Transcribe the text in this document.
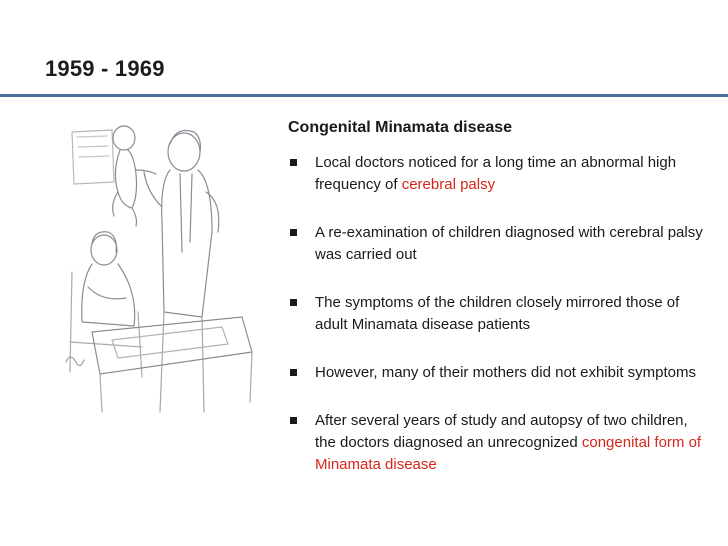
1959 - 1969
Congenital Minamata disease
Local doctors noticed for a long time an abnormal high frequency of cerebral palsy
A re-examination of children diagnosed with cerebral palsy was carried out
The symptoms of the children closely mirrored those of adult Minamata disease patients
However, many of their mothers did not exhibit symptoms
After several years of study and autopsy of two children, the doctors diagnosed an unrecognized congenital form of Minamata disease
